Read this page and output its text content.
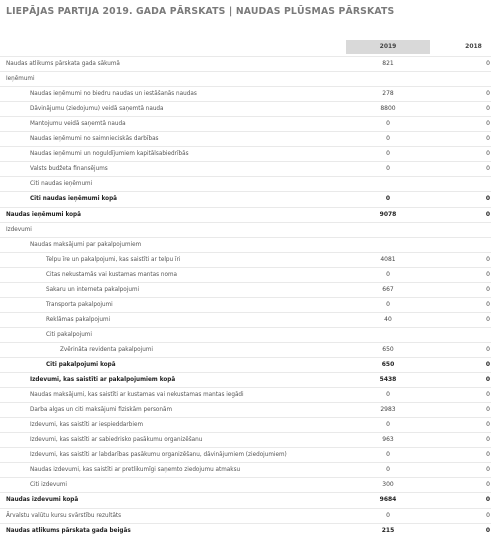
LIEPĀJAS PARTIJA 2019. GADA PĀRSKATS | NAUDAS PLŪSMAS PĀRSKATS
2019	2018
Naudas atlikums pārskata gada sākumā	821	0
Ieņēmumi
Naudas ieņēmumi no biedru naudas un iestāšanās naudas	278	0
Dāvinājumu (ziedojumu) veidā saņemtā nauda	8800	0
Mantojumu veidā saņemtā nauda	0	0
Naudas ieņēmumi no saimnieciskās darbības	0	0
Naudas ieņēmumi un noguldījumiem kapitālsabiedrībās	0	0
Valsts budžeta finansējums	0	0
Citi naudas ieņēmumi
Citi naudas ieņēmumi kopā	0	0
Naudas ieņēmumi kopā	9078	0
Izdevumi
Naudas maksājumi par pakalpojumiem
Telpu īre un pakalpojumi, kas saistīti ar telpu īri	4081	0
Citas nekustamās vai kustamas mantas noma	0	0
Sakaru un interneta pakalpojumi	667	0
Transporta pakalpojumi	0	0
Reklāmas pakalpojumi	40	0
Citi pakalpojumi
Zvērināta revidenta pakalpojumi	650	0
Citi pakalpojumi kopā	650	0
Izdevumi, kas saistīti ar pakalpojumiem kopā	5438	0
Naudas maksājumi, kas saistīti ar kustamas vai nekustamas mantas iegādi	0	0
Darba algas un citi maksājumi fiziskām personām	2983	0
Izdevumi, kas saistīti ar iespieddarbiem	0	0
Izdevumi, kas saistīti ar sabiedrisko pasākumu organizēšanu	963	0
Izdevumi, kas saistīti ar labdarības pasākumu organizēšanu, dāvinājumiem (ziedojumiem)	0	0
Naudas izdevumi, kas saistīti ar pretlikumīgi saņemto ziedojumu atmaksu	0	0
Citi izdevumi	300	0
Naudas izdevumi kopā	9684	0
Ārvalstu valūtu kursu svārstību rezultāts	0	0
Naudas atlikums pārskata gada beigās	215	0
